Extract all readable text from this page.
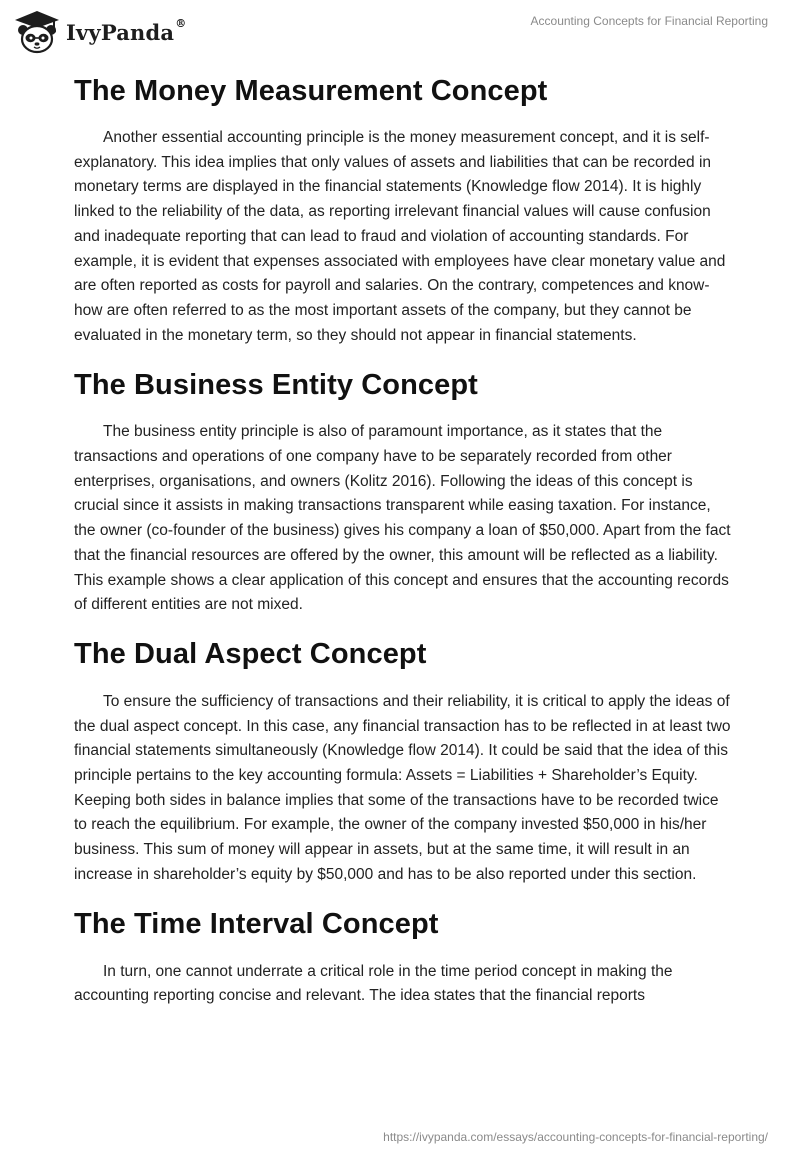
IvyPanda®	Accounting Concepts for Financial Reporting
The Money Measurement Concept

Another essential accounting principle is the money measurement concept, and it is self-explanatory. This idea implies that only values of assets and liabilities that can be recorded in monetary terms are displayed in the financial statements (Knowledge flow 2014). It is highly linked to the reliability of the data, as reporting irrelevant financial values will cause confusion and inadequate reporting that can lead to fraud and violation of accounting standards. For example, it is evident that expenses associated with employees have clear monetary value and are often reported as costs for payroll and salaries. On the contrary, competences and know-how are often referred to as the most important assets of the company, but they cannot be evaluated in the monetary term, so they should not appear in financial statements.

The Business Entity Concept

The business entity principle is also of paramount importance, as it states that the transactions and operations of one company have to be separately recorded from other enterprises, organisations, and owners (Kolitz 2016). Following the ideas of this concept is crucial since it assists in making transactions transparent while easing taxation. For instance, the owner (co-founder of the business) gives his company a loan of $50,000. Apart from the fact that the financial resources are offered by the owner, this amount will be reflected as a liability. This example shows a clear application of this concept and ensures that the accounting records of different entities are not mixed.

The Dual Aspect Concept

To ensure the sufficiency of transactions and their reliability, it is critical to apply the ideas of the dual aspect concept. In this case, any financial transaction has to be reflected in at least two financial statements simultaneously (Knowledge flow 2014). It could be said that the idea of this principle pertains to the key accounting formula: Assets = Liabilities + Shareholder’s Equity. Keeping both sides in balance implies that some of the transactions have to be recorded twice to reach the equilibrium. For example, the owner of the company invested $50,000 in his/her business. This sum of money will appear in assets, but at the same time, it will result in an increase in shareholder’s equity by $50,000 and has to be also reported under this section.

The Time Interval Concept

In turn, one cannot underrate a critical role in the time period concept in making the accounting reporting concise and relevant. The idea states that the financial reports

https://ivypanda.com/essays/accounting-concepts-for-financial-reporting/
